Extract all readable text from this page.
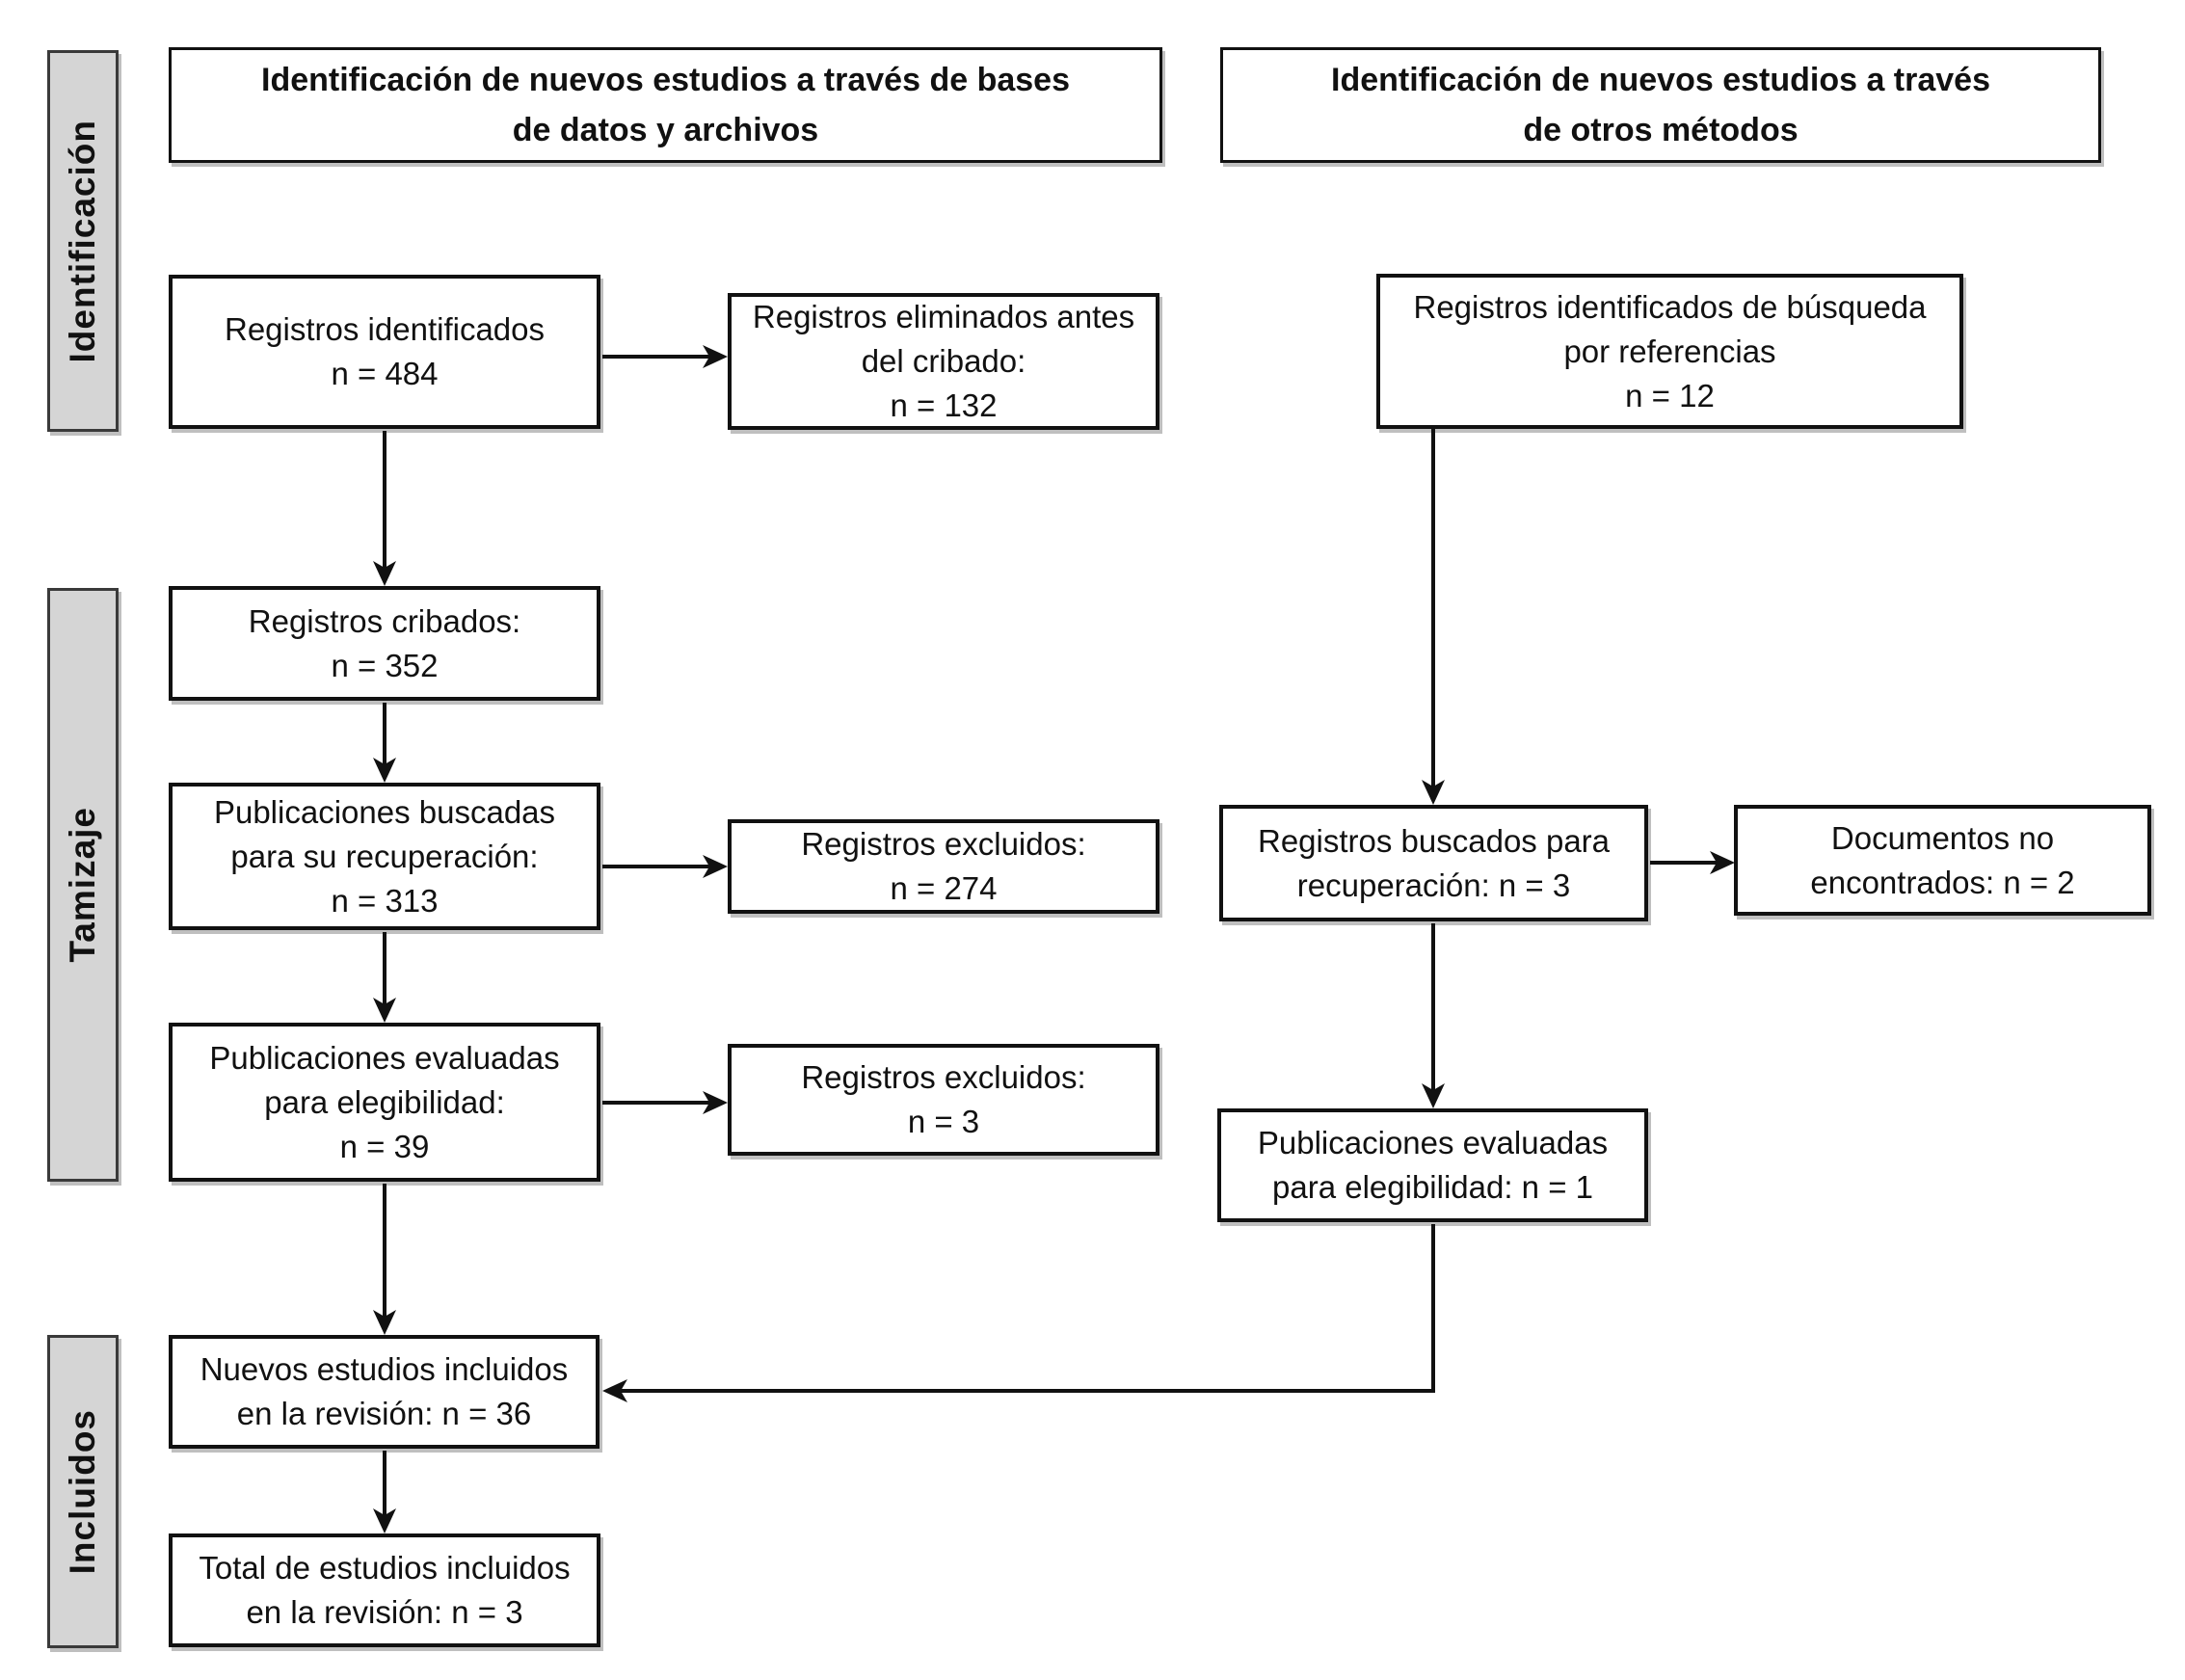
Identificación
Tamizaje
Incluidos
Identificación de nuevos estudios a través de bases
de datos y archivos
Identificación de nuevos estudios a través
de otros métodos
Registros identificados
n = 484
Registros eliminados antes
del cribado:
n = 132
Registros cribados:
n = 352
Publicaciones buscadas
para su recuperación:
n = 313
Registros excluidos:
n = 274
Publicaciones evaluadas
para elegibilidad:
n = 39
Registros excluidos:
n = 3
Nuevos estudios incluidos
en la revisión: n = 36
Total de estudios incluidos
en la revisión: n = 3
Registros identificados de búsqueda
por referencias
n = 12
Registros buscados para
recuperación: n = 3
Documentos no
encontrados: n = 2
Publicaciones evaluadas
para elegibilidad: n = 1
